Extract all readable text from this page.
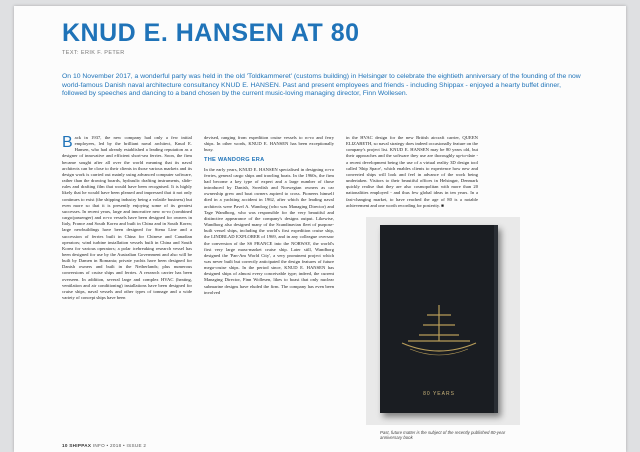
KNUD E. HANSEN AT 80
TEXT: ERIK F. PETER

On 10 November 2017, a wonderful party was held in the old 'Toldkammeret' (customs building) in Helsingør to celebrate the eightieth anniversary of the founding of the now world-famous Danish naval architecture consultancy KNUD E. HANSEN. Past and present employees and friends - including Shippax - enjoyed a hearty buffet dinner, followed by speeches and dancing to a band chosen by the current music-loving managing director, Finn Wollesen.

Back in 1937, the new company had only a few initial employees, led by the brilliant naval architect, Knud E. Hansen, who had already established a leading reputation as a designer of innovative and efficient short-sea ferries. Soon, the firm became sought after all over the world meaning that its naval architects can be close to their clients in those various markets and its design work is carried out mainly using advanced computer software, rather than the drawing boards, hydraulic drafting instruments, slide-rules and drafting film that would have been recognised. It is highly likely that he would have been pleased and impressed that it not only continues to exist (the shipping industry being a volatile business) but even more so that it is presently enjoying some of its greatest successes. In recent years, large and innovative new ro-ro (combined cargo/passenger) and ro-ro vessels have been designed for owners in Italy, France and South Korea and built in China and in South Korea; large newbuildings have been designed for Stena Line and a succession of ferries built in China for Chinese and Canadian operators; wind turbine installation vessels built in China and South Korea for various operators; a polar icebreaking research vessel has been designed for use by the Australian Government and also will be built by Damen in Romania; private yachts have been designed for Danish owners and built in the Netherlands; plus numerous conversions of cruise ships and ferries. A research carrier has been overseen. In addition, several large and complex HVAC (heating, ventilation and air conditioning) installations have been designed for cruise ships, naval vessels and other types of tonnage and a wide variety of concept ships have been

devised, ranging from expedition cruise vessels to ro-ro and ferry ships. In other words, KNUD E. HANSEN has been exceptionally busy.

THE WANDORG ERA

In the early years, KNUD E. HANSEN specialised in designing ro-ro ferries, general cargo ships and trawling boats. In the 1960s, the firm had become a key type of expert and a large number of those introduced by Danish, Swedish and Norwegian owners as car ownership grew and boat owners aspired to cross. Pioneers himself died in a yachting accident in 1962, after which the leading naval architects were Pavel A. Wandorg (who was Managing Director) and Tage Wandborg, who was responsible for the very beautiful and distinctive appearance of the company's designs output. Likewise, Wandborg also designed many of the Scandinavian fleet of purpose-built vessel ships, including the world's first expedition cruise ship, the LINDBLAD EXPLORER of 1969, and in any colleague oversaw the conversion of the SS FRANCE into the NORWAY, the world's first very large mass-market cruise ship. Later still, Wandborg designed the 'Pan-Am World City', a very prominent project which was never built but correctly anticipated the design features of future mega-cruise ships. In the period since, KNUD E. HANSEN has designed ships of almost every conceivable type; indeed, the current Managing Director, Finn Wollesen, likes to boast that only nuclear submarine designs have eluded the firm. The company has even been involved

in the HVAC design for the new British aircraft carrier, QUEEN ELIZABETH, so naval strategy does indeed occasionally feature on the company's project list. KNUD E. HANSEN may be 80 years old, but their approaches and the software they use are thoroughly up-to-date - a recent development being the use of a virtual reality 3D design tool called 'Ship Space', which enables clients to experience how new and converted ships will look and feel in advance of the work being undertaken. Visitors to their beautiful offices in Helsingør, Denmark quickly realise that they are also cosmopolitan with more than 20 nationalities employed - and thus few global ideas in ten years. In a fast-changing market, to have reached the age of 80 is a notable achievement and one worth recording for posterity. ■

80 YEARS
Past, future matter is the subject of the recently published 80-year anniversary book
10 SHIPPAX INFO • 2018 • ISSUE 2
